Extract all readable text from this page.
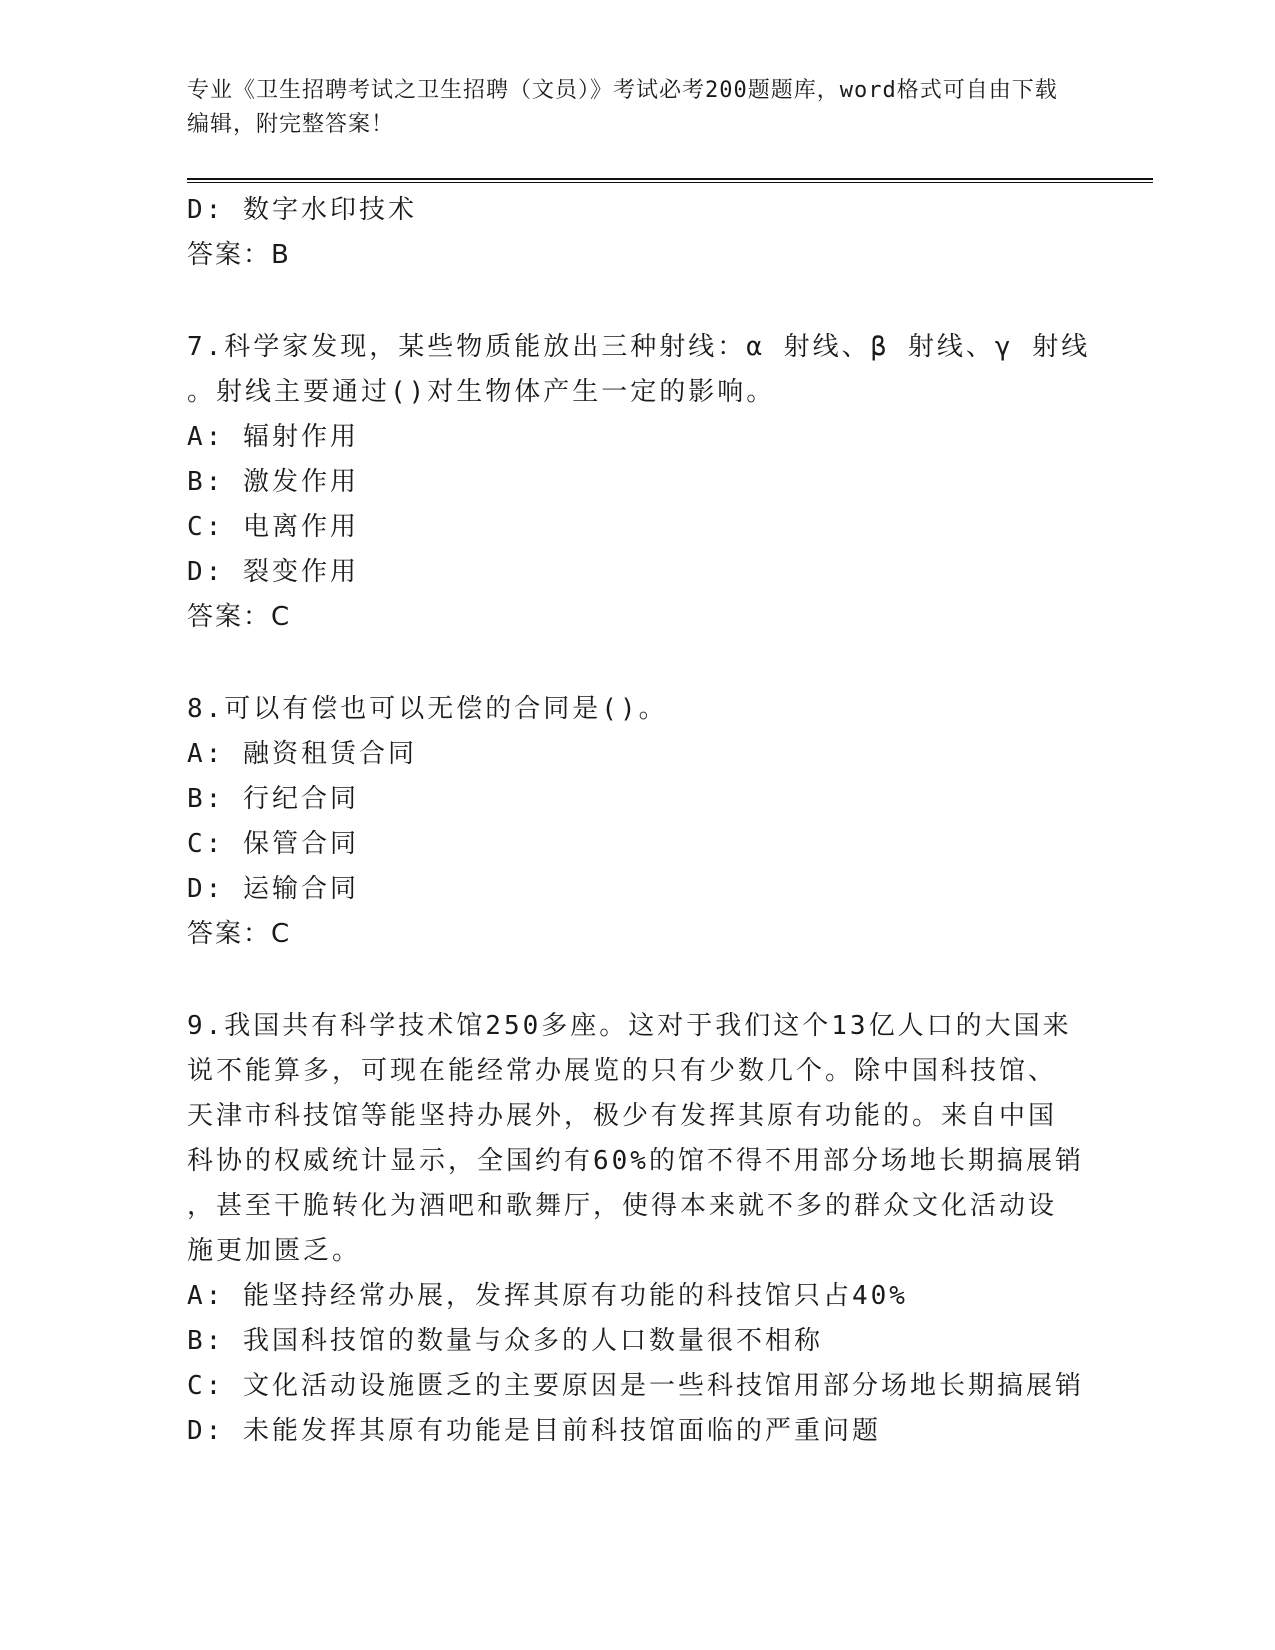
专业《卫生招聘考试之卫生招聘（文员）》考试必考200题题库，word格式可自由下载编辑，附完整答案！
D: 数字水印技术
答案：B
7.科学家发现，某些物质能放出三种射线：α 射线、β 射线、γ 射线
。射线主要通过()对生物体产生一定的影响。
A: 辐射作用
B: 激发作用
C: 电离作用
D: 裂变作用
答案：C
8.可以有偿也可以无偿的合同是()。
A: 融资租赁合同
B: 行纪合同
C: 保管合同
D: 运输合同
答案：C
9.我国共有科学技术馆250多座。这对于我们这个13亿人口的大国来
说不能算多，可现在能经常办展览的只有少数几个。除中国科技馆、
天津市科技馆等能坚持办展外，极少有发挥其原有功能的。来自中国
科协的权威统计显示，全国约有60%的馆不得不用部分场地长期搞展销
，甚至干脆转化为酒吧和歌舞厅，使得本来就不多的群众文化活动设
施更加匮乏。
A: 能坚持经常办展，发挥其原有功能的科技馆只占40%
B: 我国科技馆的数量与众多的人口数量很不相称
C: 文化活动设施匮乏的主要原因是一些科技馆用部分场地长期搞展销
D: 未能发挥其原有功能是目前科技馆面临的严重问题
